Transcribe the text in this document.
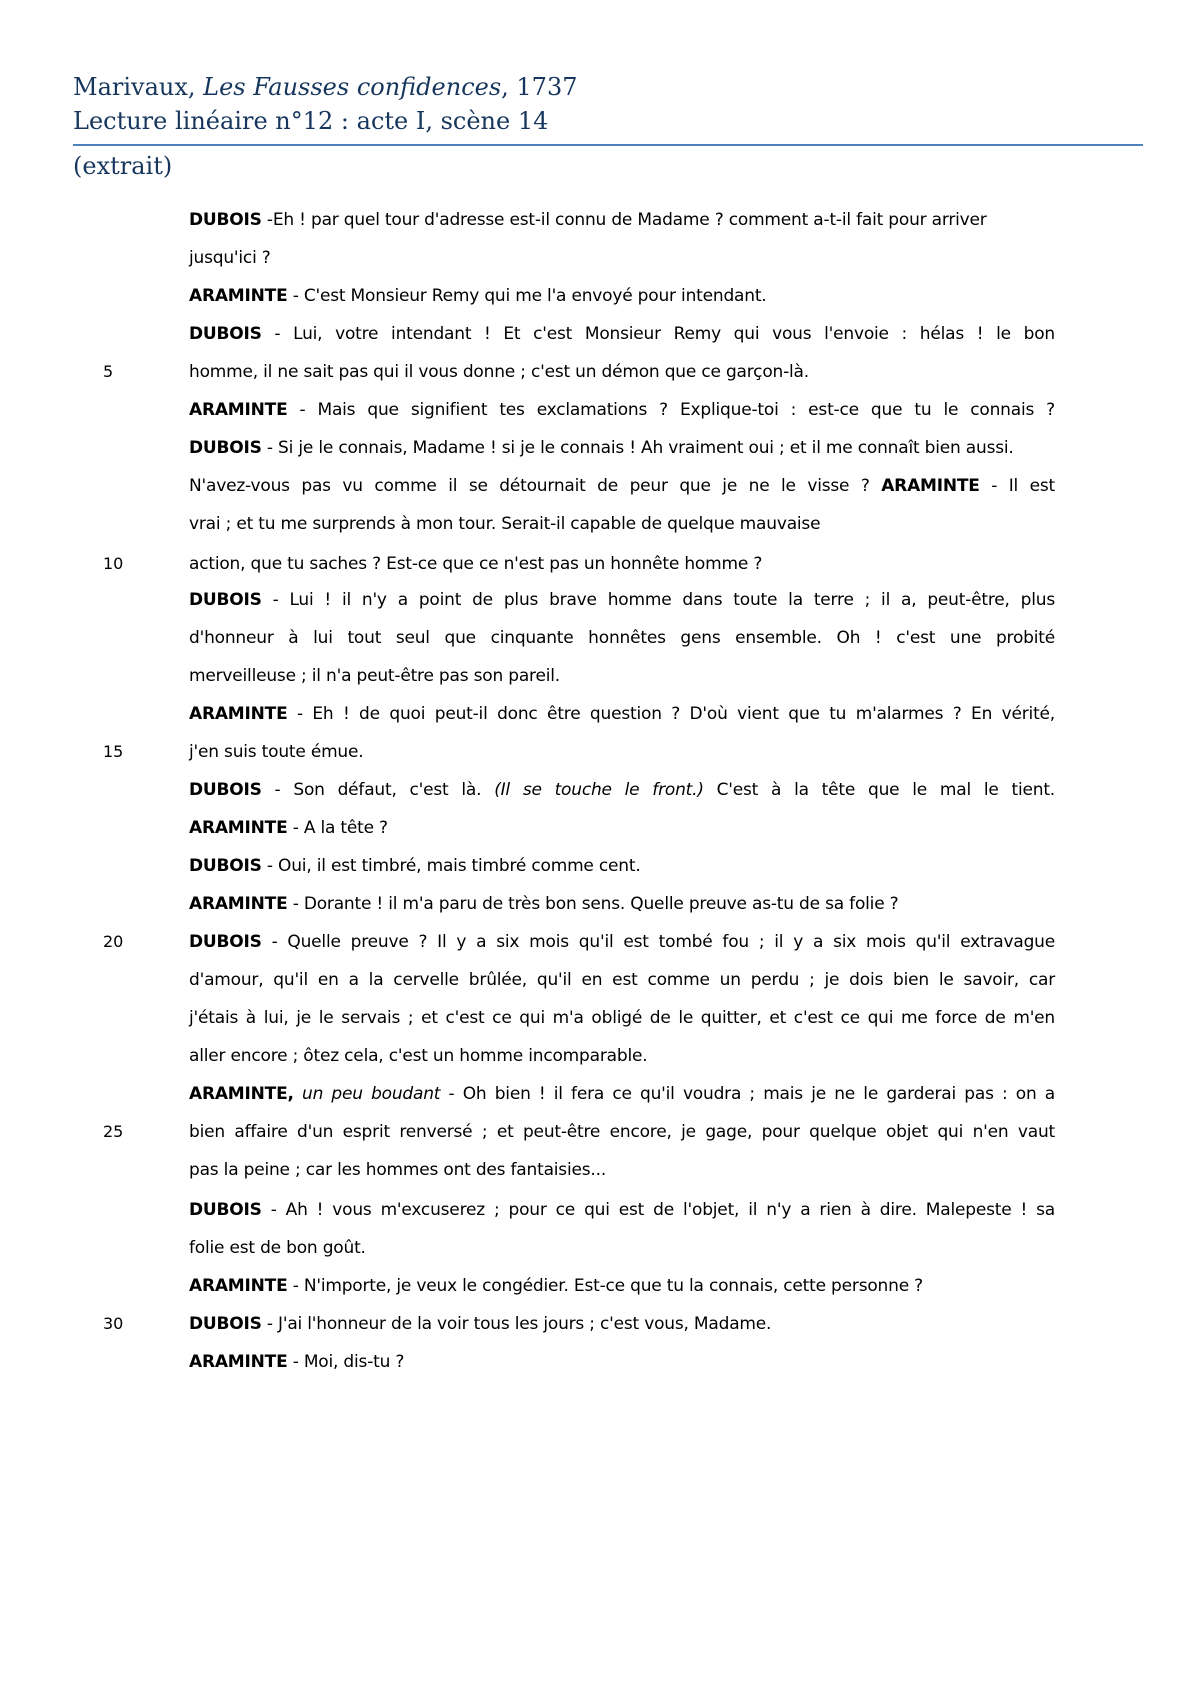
Marivaux, Les Fausses confidences, 1737
Lecture linéaire n°12 : acte I, scène 14
(extrait)
DUBOIS -Eh ! par quel tour d'adresse est-il connu de Madame ? comment a-t-il fait pour arriver
jusqu'ici ?
ARAMINTE - C'est Monsieur Remy qui me l'a envoyé pour intendant.
DUBOIS - Lui, votre intendant ! Et c'est Monsieur Remy qui vous l'envoie : hélas ! le bon
homme, il ne sait pas qui il vous donne ; c'est un démon que ce garçon-là.
ARAMINTE - Mais que signifient tes exclamations ? Explique-toi : est-ce que tu le connais ?
DUBOIS - Si je le connais, Madame ! si je le connais ! Ah vraiment oui ; et il me connaît bien aussi.
N'avez-vous pas vu comme il se détournait de peur que je ne le visse ? ARAMINTE - Il est
vrai ; et tu me surprends à mon tour. Serait-il capable de quelque mauvaise
action, que tu saches ? Est-ce que ce n'est pas un honnête homme ?
DUBOIS - Lui ! il n'y a point de plus brave homme dans toute la terre ; il a, peut-être, plus
d'honneur à lui tout seul que cinquante honnêtes gens ensemble. Oh ! c'est une probité
merveilleuse ; il n'a peut-être pas son pareil.
ARAMINTE - Eh ! de quoi peut-il donc être question ? D'où vient que tu m'alarmes ? En vérité,
j'en suis toute émue.
DUBOIS - Son défaut, c'est là. (Il se touche le front.) C'est à la tête que le mal le tient.
ARAMINTE - A la tête ?
DUBOIS - Oui, il est timbré, mais timbré comme cent.
ARAMINTE - Dorante ! il m'a paru de très bon sens. Quelle preuve as-tu de sa folie ?
DUBOIS - Quelle preuve ? Il y a six mois qu'il est tombé fou ; il y a six mois qu'il extravague
d'amour, qu'il en a la cervelle brûlée, qu'il en est comme un perdu ; je dois bien le savoir, car
j'étais à lui, je le servais ; et c'est ce qui m'a obligé de le quitter, et c'est ce qui me force de m'en
aller encore ; ôtez cela, c'est un homme incomparable.
ARAMINTE, un peu boudant - Oh bien ! il fera ce qu'il voudra ; mais je ne le garderai pas : on a
bien affaire d'un esprit renversé ; et peut-être encore, je gage, pour quelque objet qui n'en vaut
pas la peine ; car les hommes ont des fantaisies...
DUBOIS - Ah ! vous m'excuserez ; pour ce qui est de l'objet, il n'y a rien à dire. Malepeste ! sa
folie est de bon goût.
ARAMINTE - N'importe, je veux le congédier. Est-ce que tu la connais, cette personne ?
DUBOIS - J'ai l'honneur de la voir tous les jours ; c'est vous, Madame.
ARAMINTE - Moi, dis-tu ?
5
10
15
20
25
30
